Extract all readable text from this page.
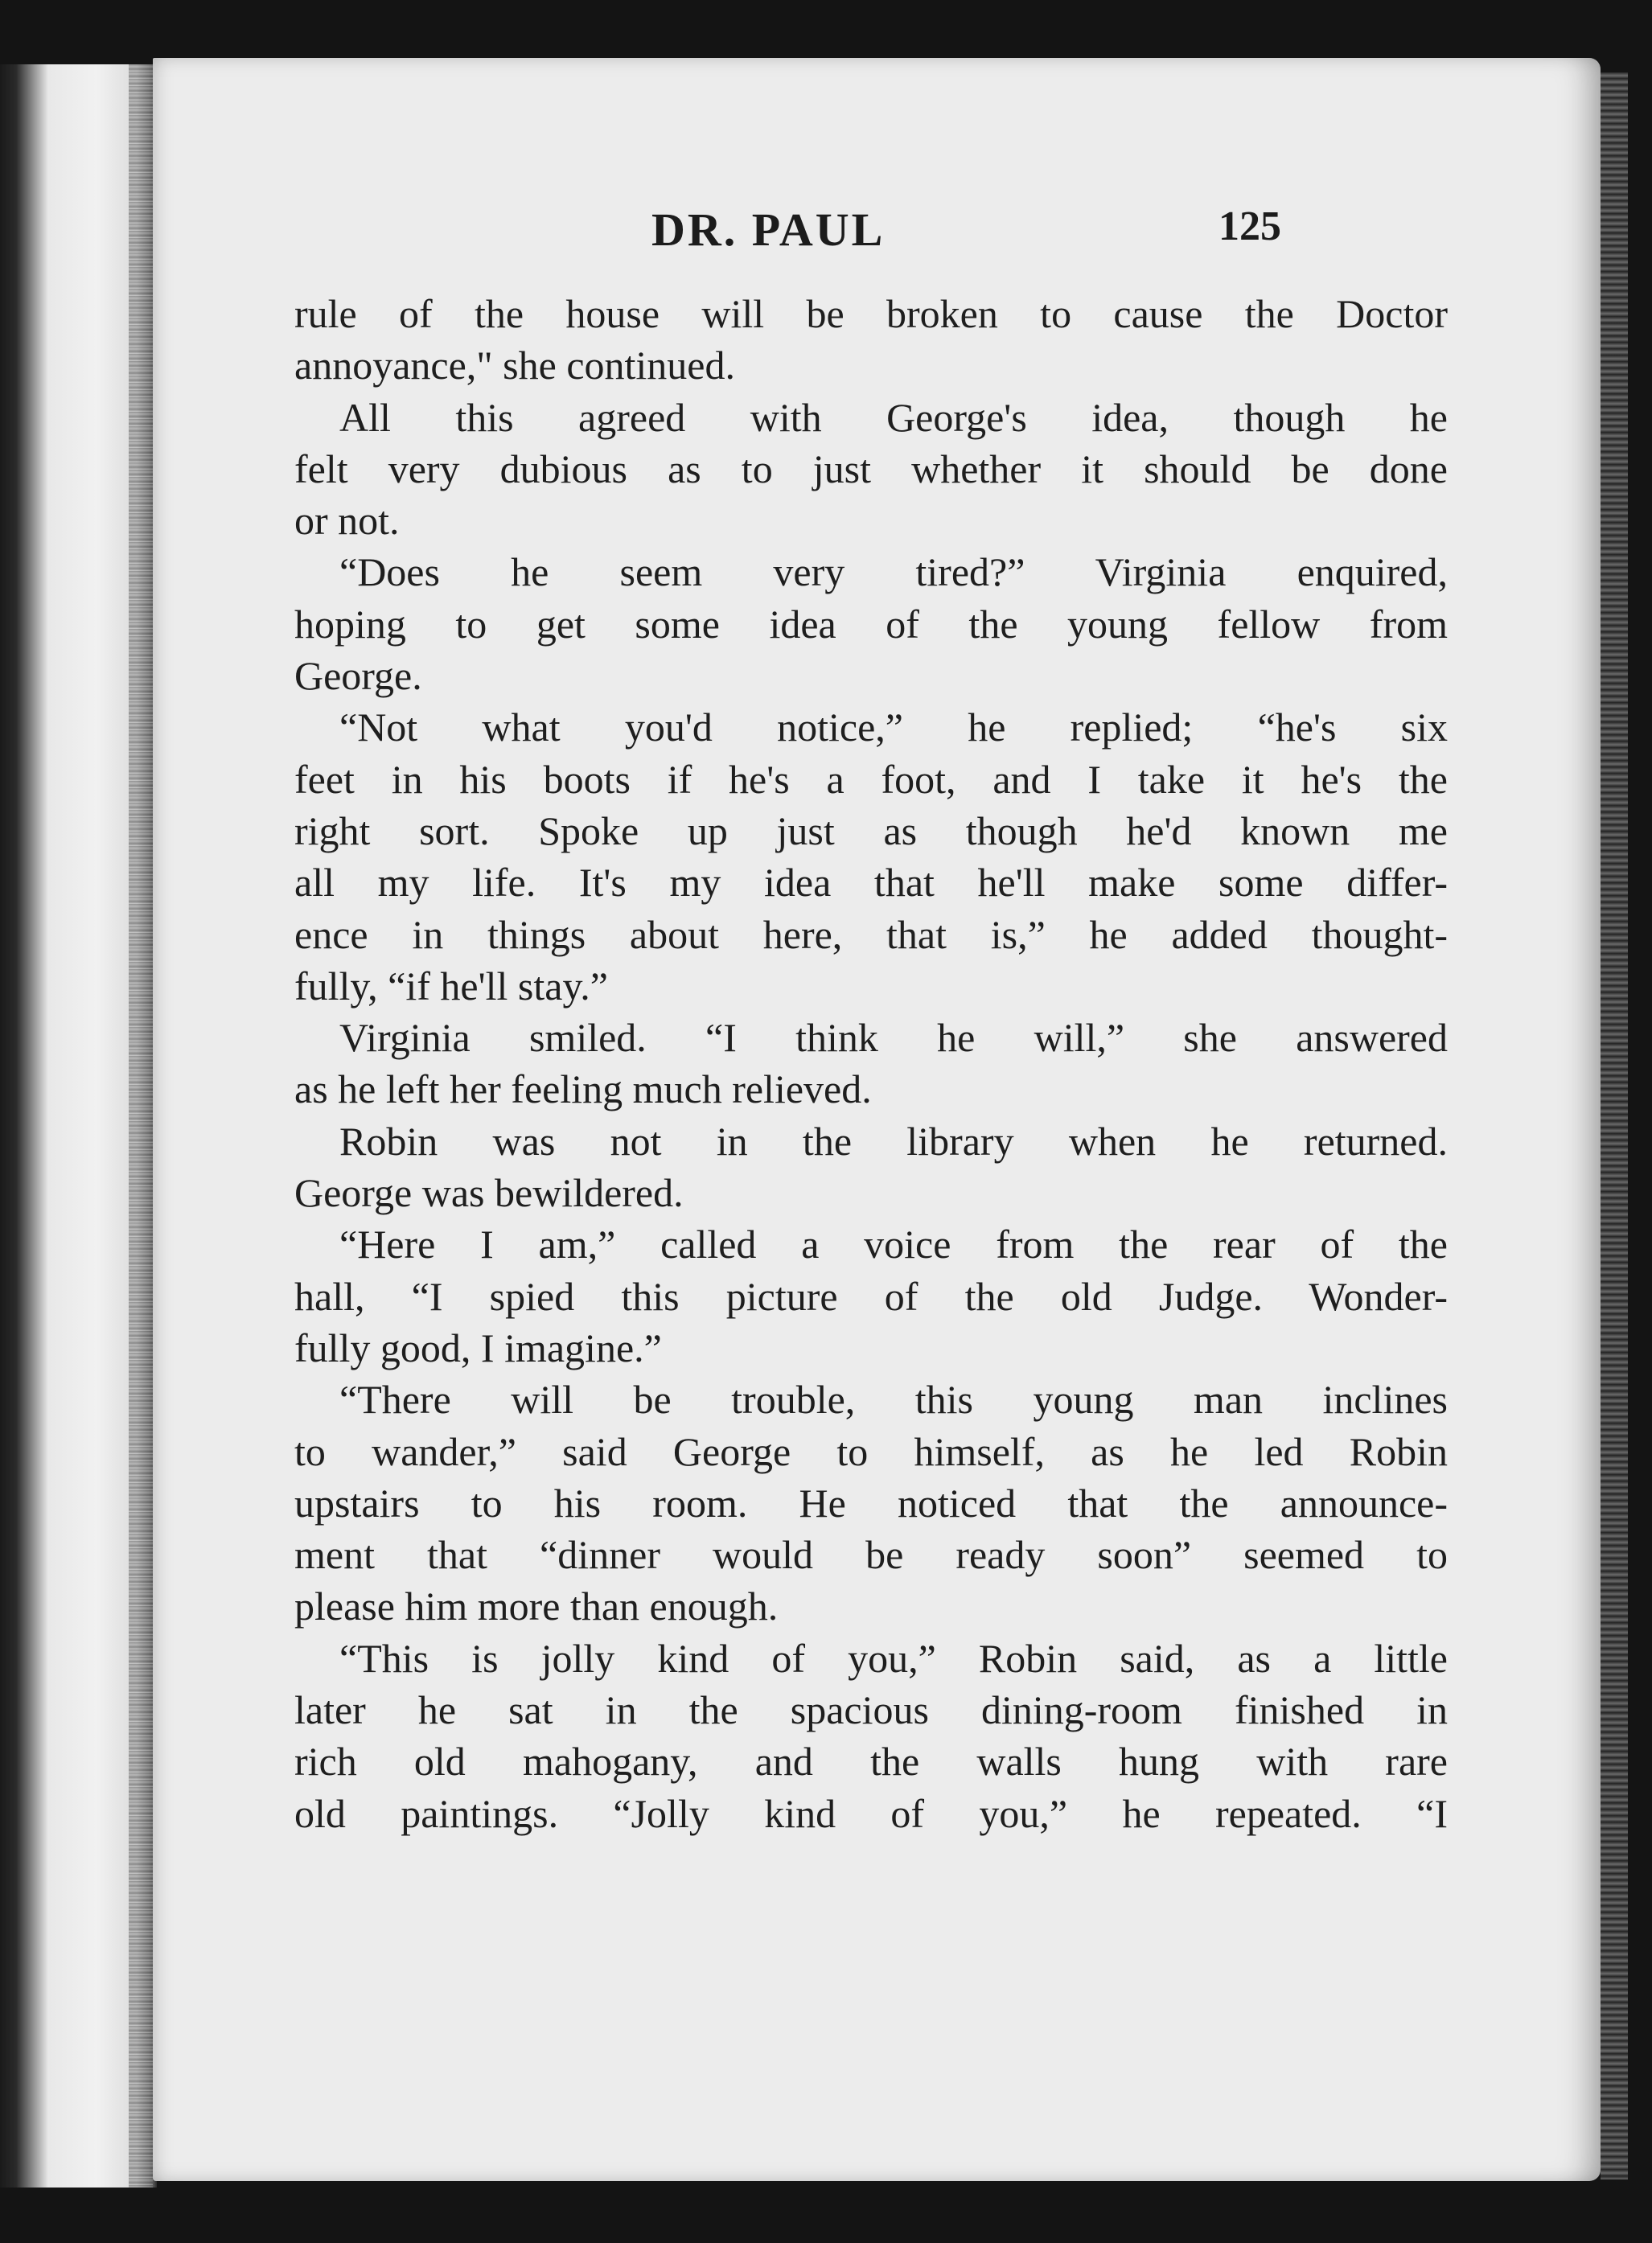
DR. PAUL	125
rule of the house will be broken to cause the Doctor
annoyance," she continued.
All this agreed with George's idea, though he
felt very dubious as to just whether it should be done
or not.
“Does he seem very tired?” Virginia enquired,
hoping to get some idea of the young fellow from
George.
“Not what you'd notice,” he replied; “he's six
feet in his boots if he's a foot, and I take it he's the
right sort. Spoke up just as though he'd known me
all my life. It's my idea that he'll make some differ-
ence in things about here, that is,” he added thought-
fully, “if he'll stay.”
Virginia smiled. “I think he will,” she answered
as he left her feeling much relieved.
Robin was not in the library when he returned.
George was bewildered.
“Here I am,” called a voice from the rear of the
hall, “I spied this picture of the old Judge. Wonder-
fully good, I imagine.”
“There will be trouble, this young man inclines
to wander,” said George to himself, as he led Robin
upstairs to his room. He noticed that the announce-
ment that “dinner would be ready soon” seemed to
please him more than enough.
“This is jolly kind of you,” Robin said, as a little
later he sat in the spacious dining-room finished in
rich old mahogany, and the walls hung with rare
old paintings. “Jolly kind of you,” he repeated. “I
